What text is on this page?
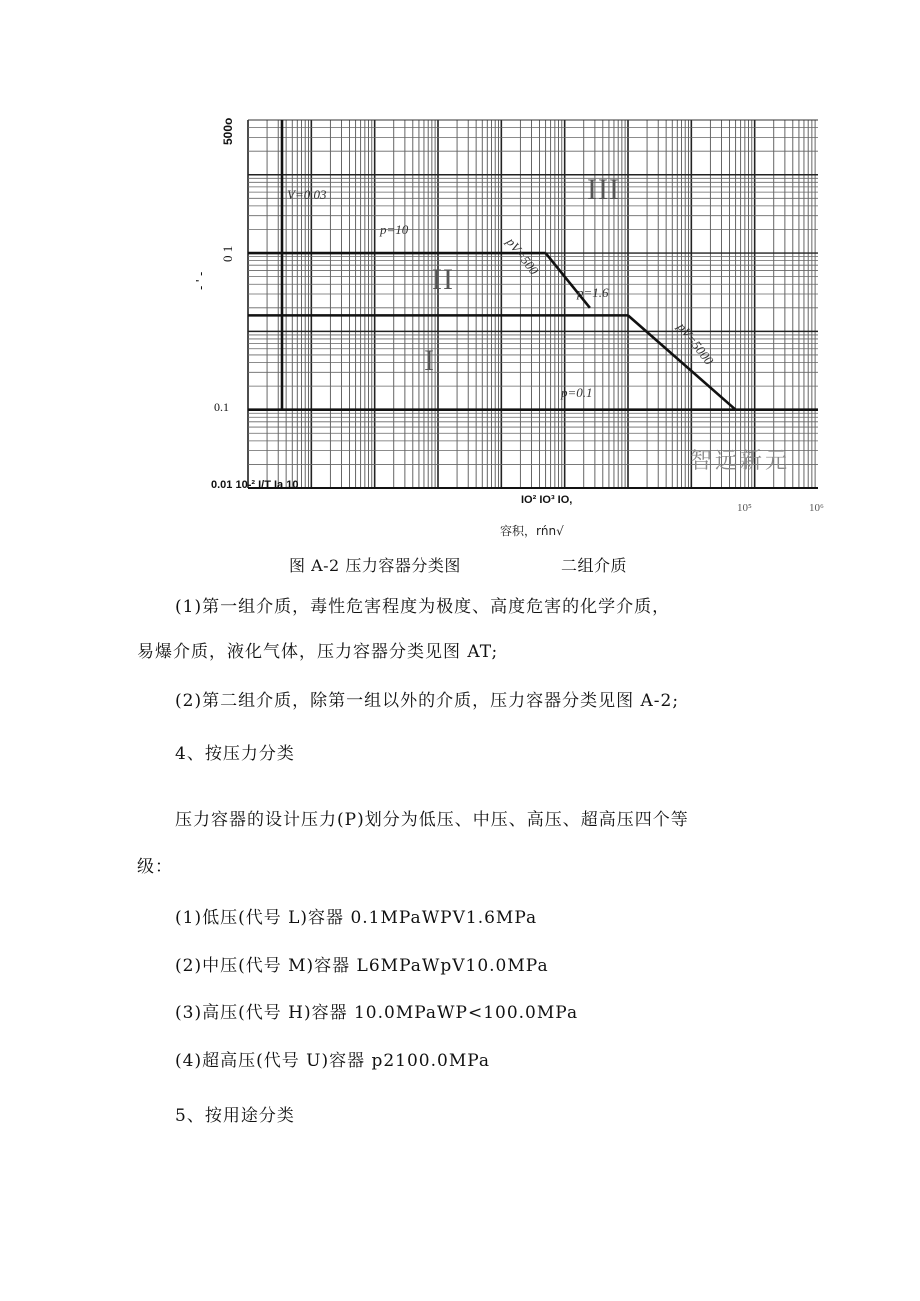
500o
0 1
- ' -
0.1
V=0.03
p=10
pV=500
p=1.6
pV=5000
p=0.1
III
II
I
智远新元
0.01 10-² I/T Ia 10
IO² IO³ IO,
10⁵	10⁶
容积，rńn√
图 A-2 压力容器分类图	二组介质
(1)第一组介质，毒性危害程度为极度、高度危害的化学介质，
易爆介质，液化气体，压力容器分类见图 AT;
(2)第二组介质，除第一组以外的介质，压力容器分类见图 A-2;
4、按压力分类
压力容器的设计压力(P)划分为低压、中压、高压、超高压四个等
级：
(1)低压(代号 L)容器 0.1MPaWPV1.6MPa
(2)中压(代号 M)容器 L6MPaWpV10.0MPa
(3)高压(代号 H)容器 10.0MPaWP<100.0MPa
(4)超高压(代号 U)容器 p2100.0MPa
5、按用途分类
